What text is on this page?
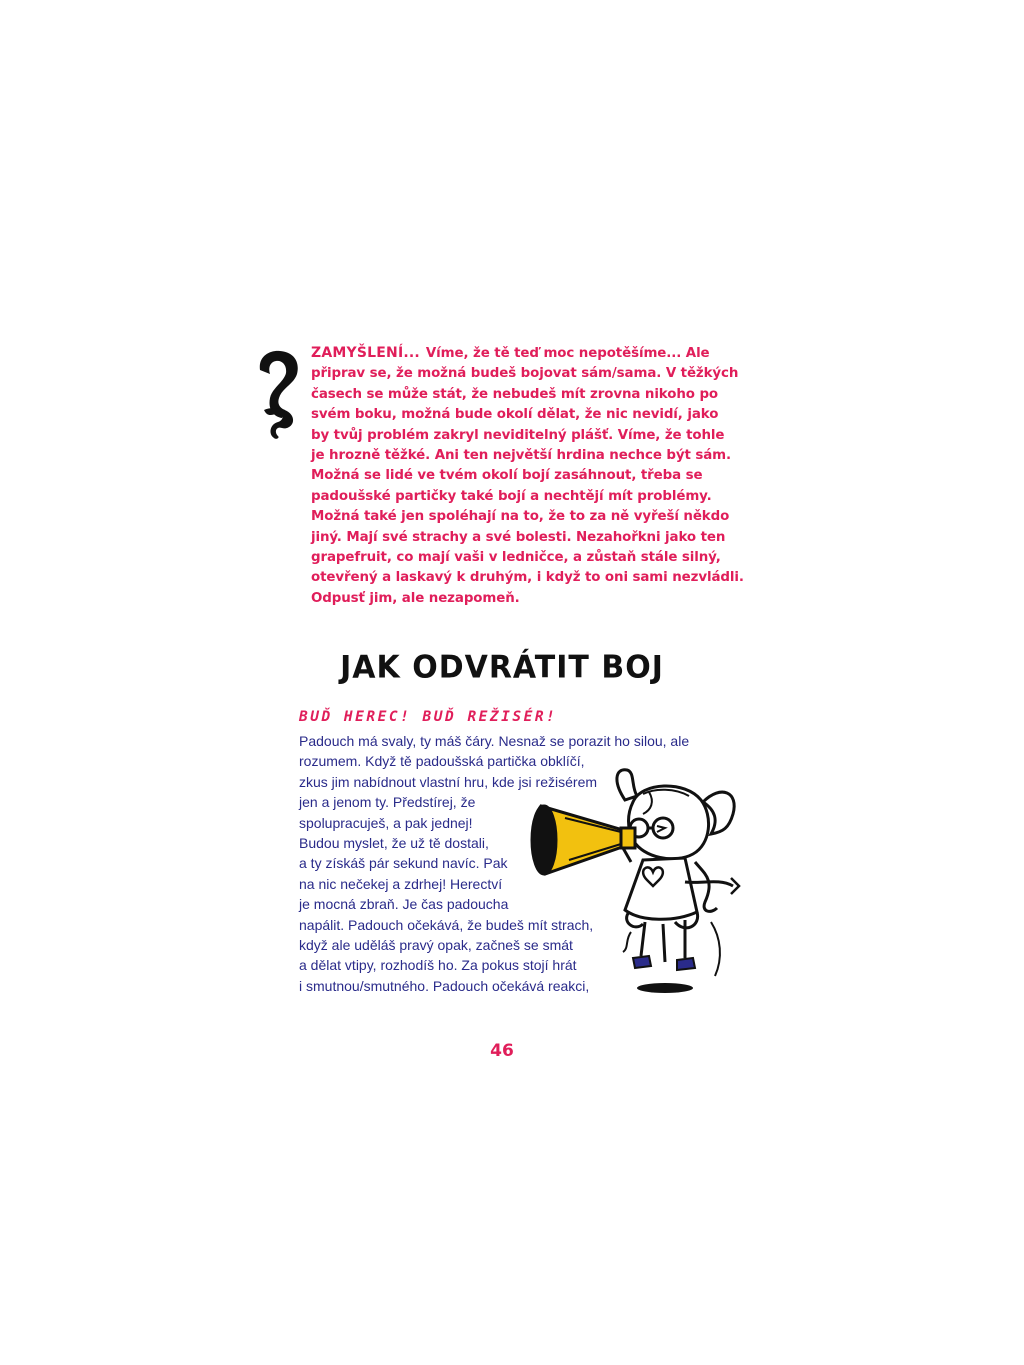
ZAMYŠLENÍ... Víme, že tě teď moc nepotěšíme... Ale
připrav se, že možná budeš bojovat sám/sama. V těžkých
časech se může stát, že nebudeš mít zrovna nikoho po
svém boku, možná bude okolí dělat, že nic nevidí, jako
by tvůj problém zakryl neviditelný plášť. Víme, že tohle
je hrozně těžké. Ani ten největší hrdina nechce být sám.
Možná se lidé ve tvém okolí bojí zasáhnout, třeba se
padoušské partičky také bojí a nechtějí mít problémy.
Možná také jen spoléhají na to, že to za ně vyřeší někdo
jiný. Mají své strachy a své bolesti. Nezahořkni jako ten
grapefruit, co mají vaši v ledničce, a zůstaň stále silný,
otevřený a laskavý k druhým, i když to oni sami nezvládli.
Odpusť jim, ale nezapomeň.
JAK ODVRÁTIT BOJ
BUĎ HEREC! BUĎ REŽISÉR!
Padouch má svaly, ty máš čáry. Nesnaž se porazit ho silou, ale
rozumem. Když tě padoušská partička obklíčí,
zkus jim nabídnout vlastní hru, kde jsi režisérem
jen a jenom ty. Předstírej, že
spolupracuješ, a pak jednej!
Budou myslet, že už tě dostali,
a ty získáš pár sekund navíc. Pak
na nic nečekej a zdrhej! Herectví
je mocná zbraň. Je čas padoucha
napálit. Padouch očekává, že budeš mít strach,
když ale uděláš pravý opak, začneš se smát
a dělat vtipy, rozhodíš ho. Za pokus stojí hrát
i smutnou/smutného. Padouch očekává reakci,
46
